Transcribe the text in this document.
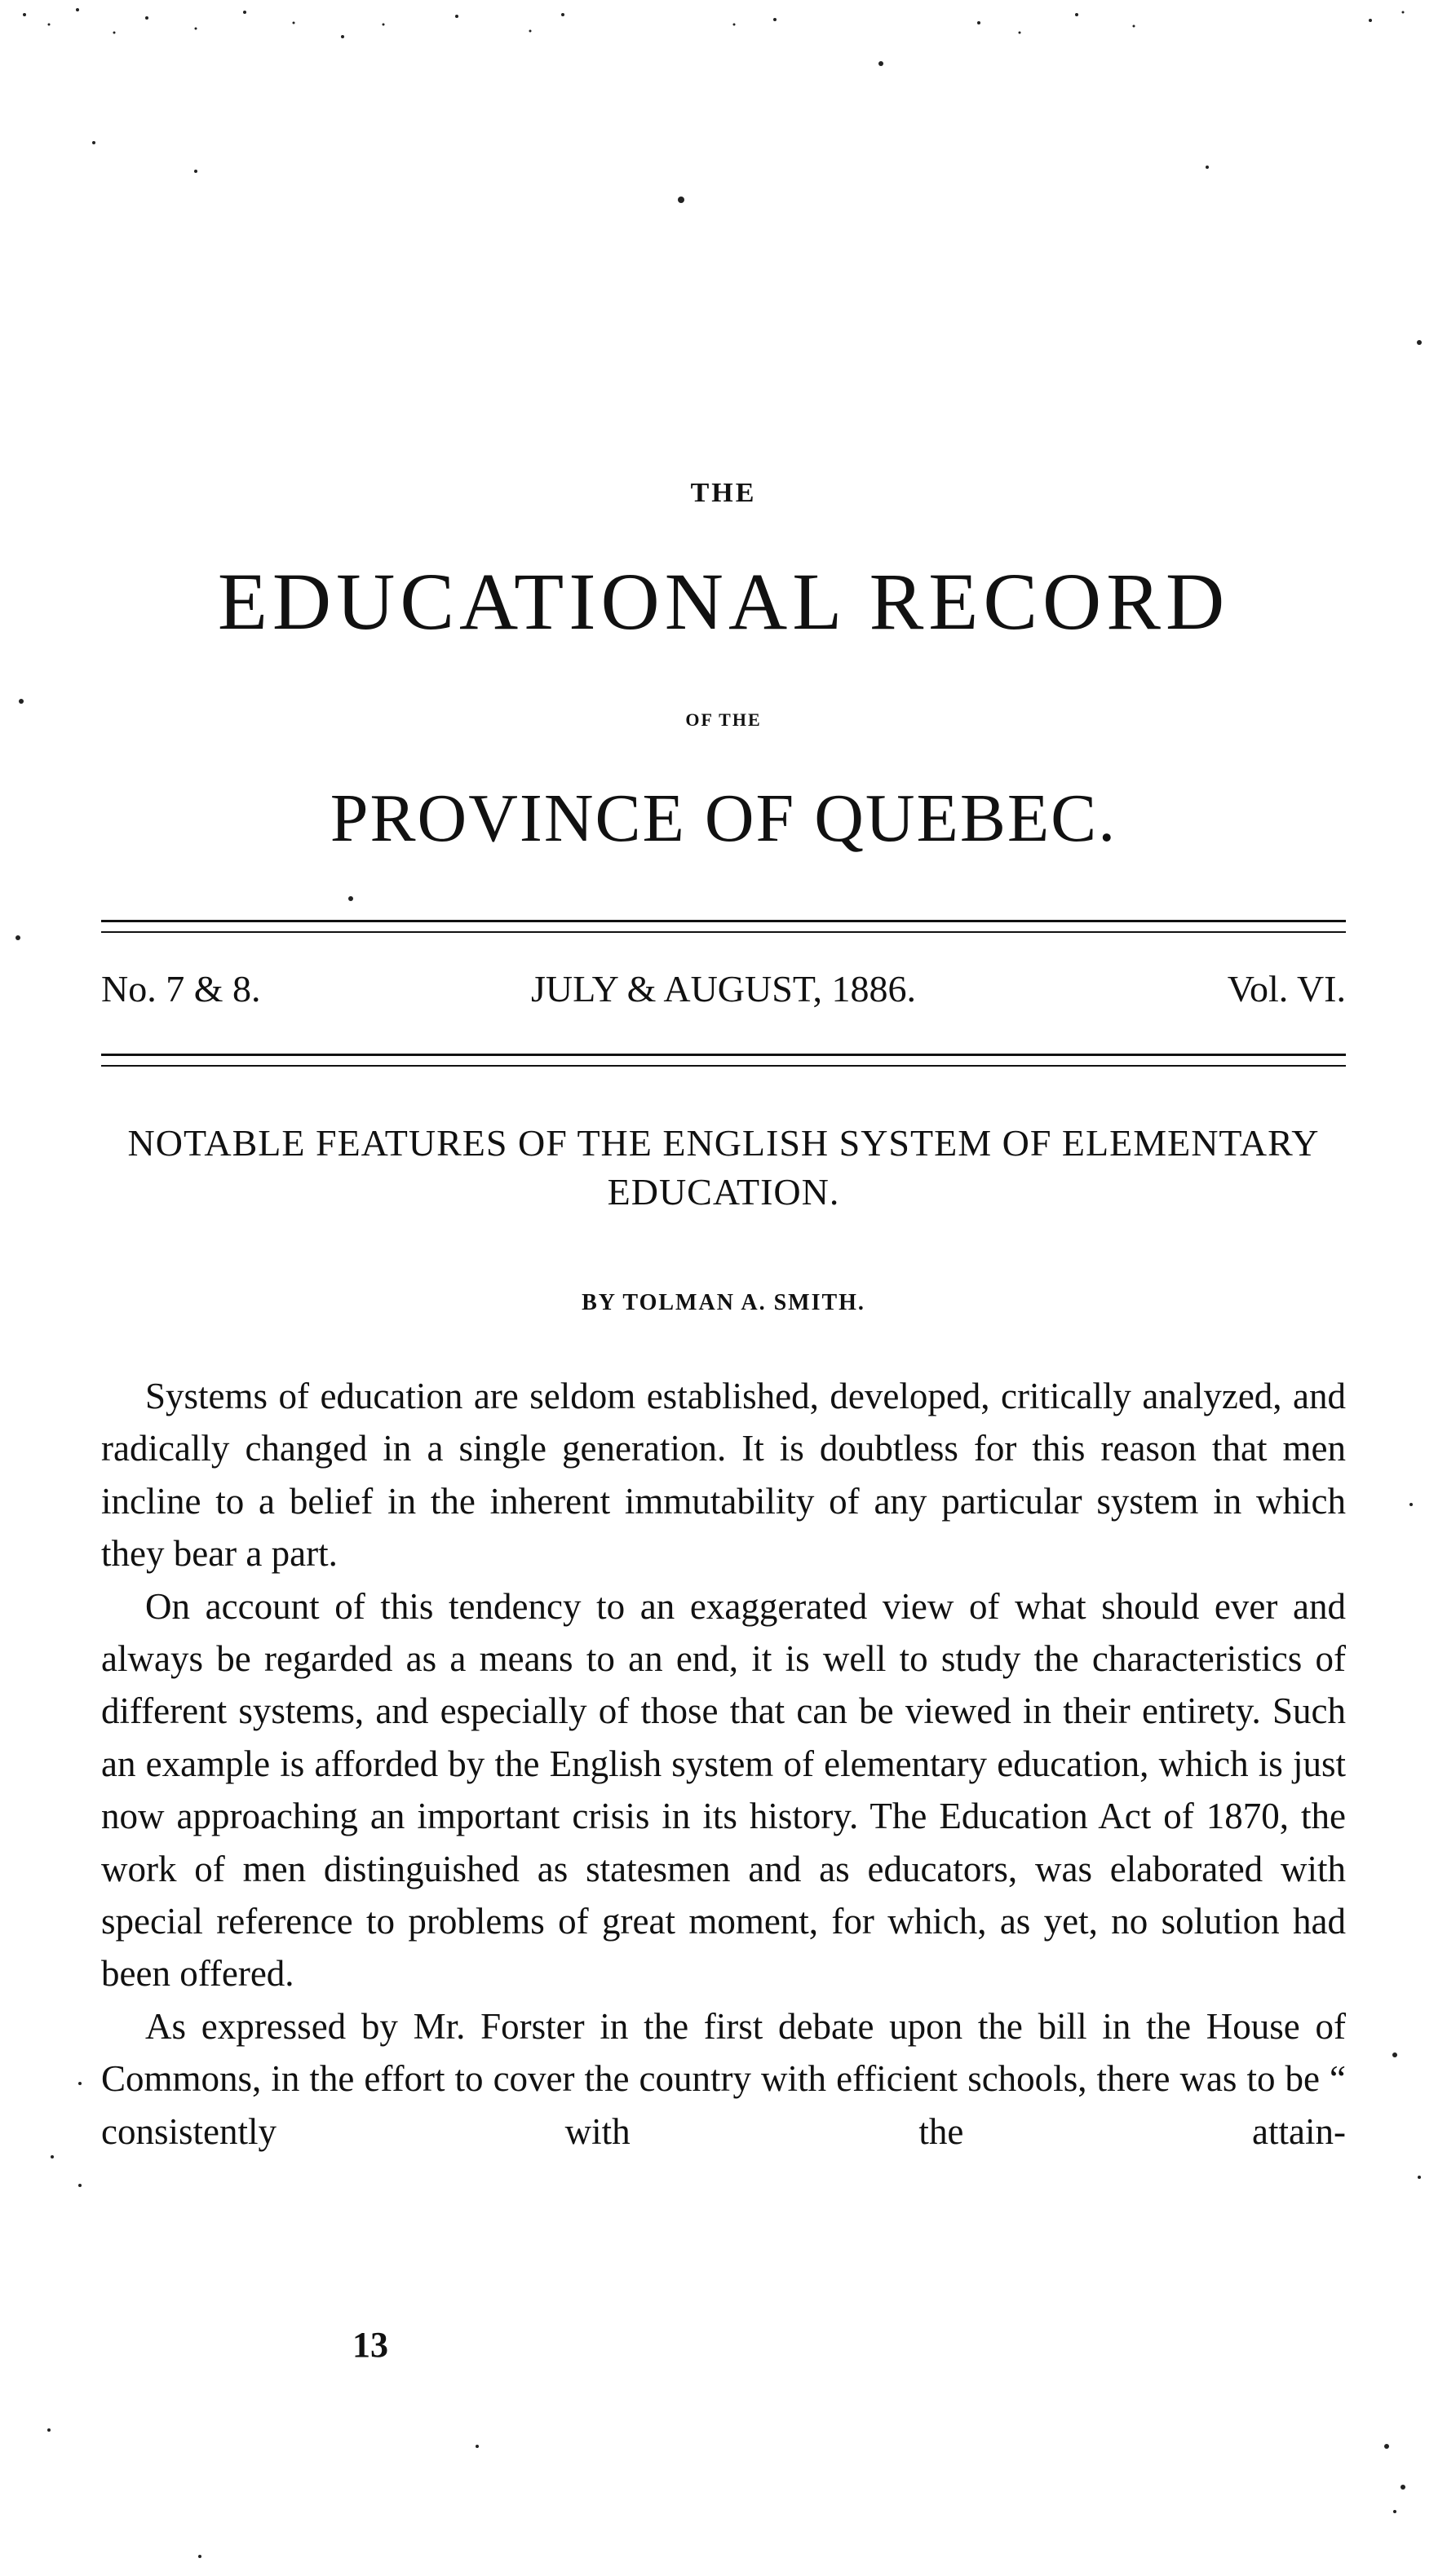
THE
EDUCATIONAL RECORD
OF THE
PROVINCE OF QUEBEC.
No. 7 & 8.	JULY & AUGUST, 1886.	Vol. VI.
NOTABLE FEATURES OF THE ENGLISH SYSTEM OF ELEMENTARY EDUCATION.
BY TOLMAN A. SMITH.

Systems of education are seldom established, developed, critically analyzed, and radically changed in a single generation. It is doubtless for this reason that men incline to a belief in the inherent immutability of any particular system in which they bear a part.

On account of this tendency to an exaggerated view of what should ever and always be regarded as a means to an end, it is well to study the characteristics of different systems, and especially of those that can be viewed in their entirety. Such an example is afforded by the English system of elementary education, which is just now approaching an important crisis in its history. The Education Act of 1870, the work of men distinguished as statesmen and as educators, was elaborated with special reference to problems of great moment, for which, as yet, no solution had been offered.

As expressed by Mr. Forster in the first debate upon the bill in the House of Commons, in the effort to cover the country with efficient schools, there was to be “ consistently with the attain-

13
